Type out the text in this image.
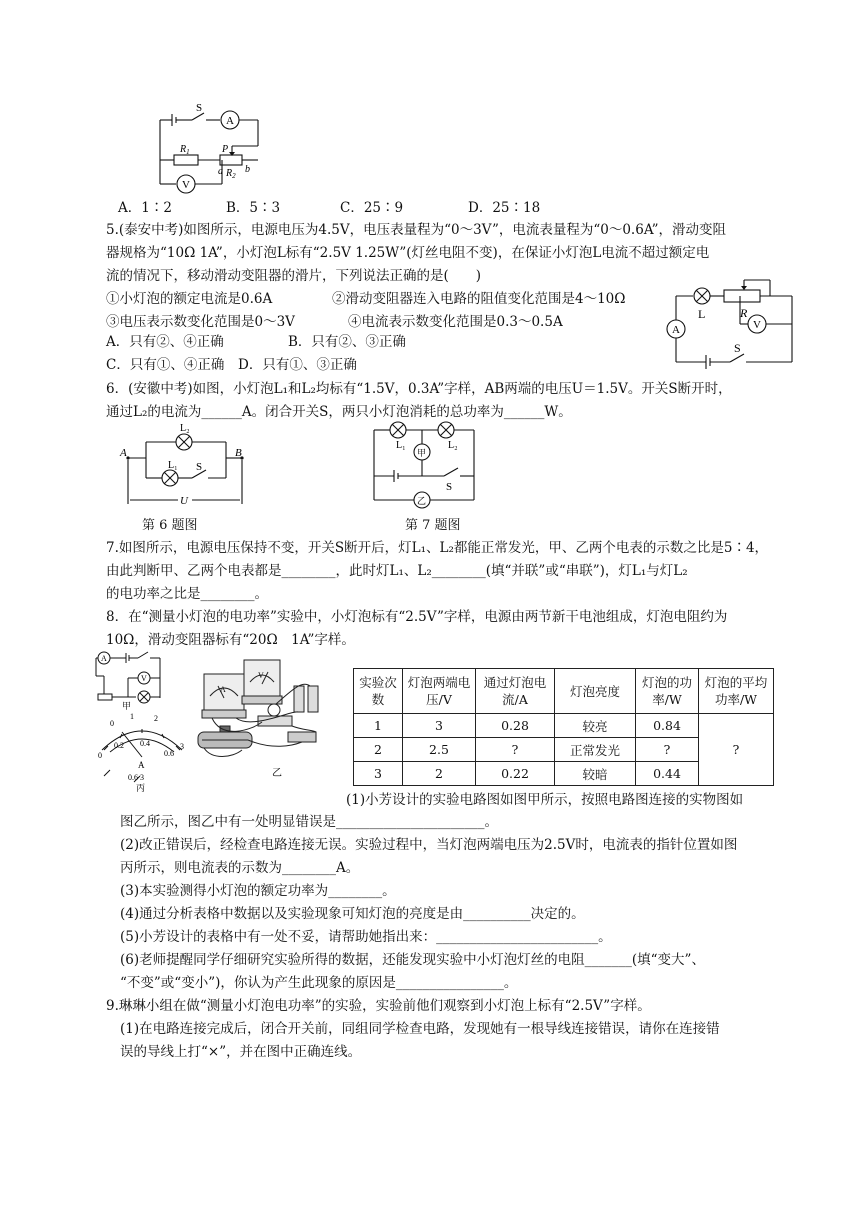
S
A
V
$R_1$	P
a $R_2$
b
A．1∶2	B．5∶3	C．25∶9	D．25∶18
5.(泰安中考)如图所示，电源电压为4.5V，电压表量程为“0～3V”，电流表量程为“0～0.6A”，滑动变阻
器规格为“10Ω 1A”，小灯泡L标有“2.5V 1.25W”(灯丝电阻不变)，在保证小灯泡L电流不超过额定电
流的情况下，移动滑动变阻器的滑片，下列说法正确的是(　　)
①小灯泡的额定电流是0.6A	②滑动变阻器连入电路的阻值变化范围是4～10Ω
③电压表示数变化范围是0～3V	④电流表示数变化范围是0.3～0.5A
A．只有②、④正确	B．只有②、③正确
C．只有①、④正确 D．只有①、③正确
L	R
V
A
S
6．(安徽中考)如图，小灯泡L₁和L₂均标有“1.5V，0.3A”字样，AB两端的电压U＝1.5V。开关S断开时，
通过L₂的电流为______A。闭合开关S，两只小灯泡消耗的总功率为______W。
A	B
L₂
L₁ S
U
第 6 题图
L₁	L₂
甲
乙
S
第 7 题图
7.如图所示，电源电压保持不变，开关S断开后，灯L₁、L₂都能正常发光，甲、乙两个电表的示数之比是5∶4，
由此判断甲、乙两个电表都是________，此时灯L₁、L₂________(填“并联”或“串联”)，灯L₁与灯L₂
的电功率之比是________。
8．在“测量小灯泡的电功率”实验中，小灯泡标有“2.5V”字样，电源由两节新干电池组成，灯泡电阻约为
10Ω，滑动变阻器标有“20Ω　1A”字样。
A
V
甲
0
1	2
3
0
0.2 0.4
0.6
A
0.6 3
丙
V
A
乙
实验次数	灯泡两端电压/V	通过灯泡电流/A	灯泡亮度	灯泡的功率/W	灯泡的平均功率/W
1	3	0.28	较亮	0.84	?
2	2.5	?	正常发光	?	
3	2	0.22	较暗	0.44	
(1)小芳设计的实验电路图如图甲所示，按照电路图连接的实物图如
图乙所示，图乙中有一处明显错误是______________________。
(2)改正错误后，经检查电路连接无误。实验过程中，当灯泡两端电压为2.5V时，电流表的指针位置如图
丙所示，则电流表的示数为________A。
(3)本实验测得小灯泡的额定功率为________。
(4)通过分析表格中数据以及实验现象可知灯泡的亮度是由__________决定的。
(5)小芳设计的表格中有一处不妥，请帮助她指出来：________________________。
(6)老师提醒同学仔细研究实验所得的数据，还能发现实验中小灯泡灯丝的电阻_______(填“变大”、
“不变”或“变小”)，你认为产生此现象的原因是________________。
9.琳琳小组在做“测量小灯泡电功率”的实验，实验前他们观察到小灯泡上标有“2.5V”字样。
(1)在电路连接完成后，闭合开关前，同组同学检查电路，发现她有一根导线连接错误，请你在连接错
误的导线上打“×”，并在图中正确连线。
